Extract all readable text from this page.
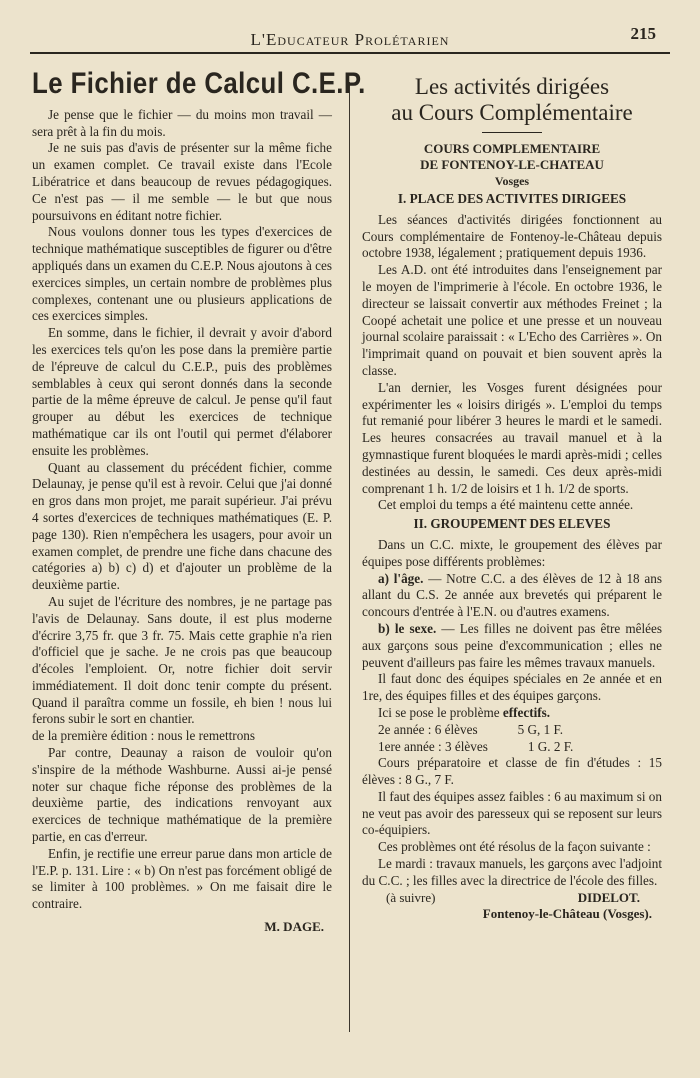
L'Educateur Prolétarien	215
Le Fichier de Calcul C.E.P.

Je pense que le fichier — du moins mon travail — sera prêt à la fin du mois.

Je ne suis pas d'avis de présenter sur la même fiche un examen complet. Ce travail existe dans l'Ecole Libératrice et dans beaucoup de revues pédagogiques. Ce n'est pas — il me semble — le but que nous poursuivons en éditant notre fichier.

Nous voulons donner tous les types d'exercices de technique mathématique susceptibles de figurer ou d'être appliqués dans un examen du C.E.P. Nous ajoutons à ces exercices simples, un certain nombre de problèmes plus complexes, contenant une ou plusieurs applications de ces exercices simples.

En somme, dans le fichier, il devrait y avoir d'abord les exercices tels qu'on les pose dans la première partie de l'épreuve de calcul du C.E.P., puis des problèmes semblables à ceux qui seront donnés dans la seconde partie de la même épreuve de calcul. Je pense qu'il faut grouper au début les exercices de technique mathématique car ils ont l'outil qui permet d'élaborer ensuite les problèmes.

Quant au classement du précédent fichier, comme Delaunay, je pense qu'il est à revoir. Celui que j'ai donné en gros dans mon projet, me parait supérieur. J'ai prévu 4 sortes d'exercices de techniques mathématiques (E. P. page 130). Rien n'empêchera les usagers, pour avoir un examen complet, de prendre une fiche dans chacune des catégories a) b) c) d) et d'ajouter un problème de la deuxième partie.

Au sujet de l'écriture des nombres, je ne partage pas l'avis de Delaunay. Sans doute, il est plus moderne d'écrire 3,75 fr. que 3 fr. 75. Mais cette graphie n'a rien d'officiel que je sache. Je ne crois pas que beaucoup d'écoles l'emploient. Or, notre fichier doit servir immédiatement. Il doit donc tenir compte du présent. Quand il paraîtra comme un fossile, eh bien ! nous lui ferons subir le sort en chantier.

de la première édition : nous le remettrons

Par contre, Deaunay a raison de vouloir qu'on s'inspire de la méthode Washburne. Aussi ai-je pensé noter sur chaque fiche réponse des problèmes de la deuxième partie, des indications renvoyant aux exercices de technique mathématique de la première partie, en cas d'erreur.

Enfin, je rectifie une erreur parue dans mon article de l'E.P. p. 131. Lire : « b) On n'est pas forcément obligé de se limiter à 100 problèmes. » On me faisait dire le contraire.

M. DAGE.
Les activités dirigées
au Cours Complémentaire
COURS COMPLEMENTAIRE
DE FONTENOY-LE-CHATEAU
Vosges
I. PLACE DES ACTIVITES DIRIGEES

Les séances d'activités dirigées fonctionnent au Cours complémentaire de Fontenoy-le-Château depuis octobre 1938, légalement ; pratiquement depuis 1936.

Les A.D. ont été introduites dans l'enseignement par le moyen de l'imprimerie à l'école. En octobre 1936, le directeur se laissait convertir aux méthodes Freinet ; la Coopé achetait une police et une presse et un nouveau journal scolaire paraissait : « L'Echo des Carrières ». On l'imprimait quand on pouvait et bien souvent après la classe.

L'an dernier, les Vosges furent désignées pour expérimenter les « loisirs dirigés ». L'emploi du temps fut remanié pour libérer 3 heures le mardi et le samedi. Les heures consacrées au travail manuel et à la gymnastique furent bloquées le mardi après-midi ; celles destinées au dessin, le samedi. Ces deux après-midi comprenant 1 h. 1/2 de loisirs et 1 h. 1/2 de sports.

Cet emploi du temps a été maintenu cette année.

II. GROUPEMENT DES ELEVES

Dans un C.C. mixte, le groupement des élèves par équipes pose différents problèmes:

a) l'âge. — Notre C.C. a des élèves de 12 à 18 ans allant du C.S. 2e année aux brevetés qui préparent le concours d'entrée à l'E.N. ou d'autres examens.

b) le sexe. — Les filles ne doivent pas être mêlées aux garçons sous peine d'excommunication ; elles ne peuvent d'ailleurs pas faire les mêmes travaux manuels.

Il faut donc des équipes spéciales en 2e année et en 1re, des équipes filles et des équipes garçons.

Ici se pose le problème effectifs.

2e année : 6 élèves	5 G, 1 F.

1ere année : 3 élèves	1 G. 2 F.

Cours préparatoire et classe de fin d'études : 15 élèves : 8 G., 7 F.

Il faut des équipes assez faibles : 6 au maximum si on ne veut pas avoir des paresseux qui se reposent sur leurs co-équipiers.

Ces problèmes ont été résolus de la façon suivante :

Le mardi : travaux manuels, les garçons avec l'adjoint du C.C. ; les filles avec la directrice de l'école des filles.

(à suivre)	DIDELOT.
Fontenoy-le-Château (Vosges).
